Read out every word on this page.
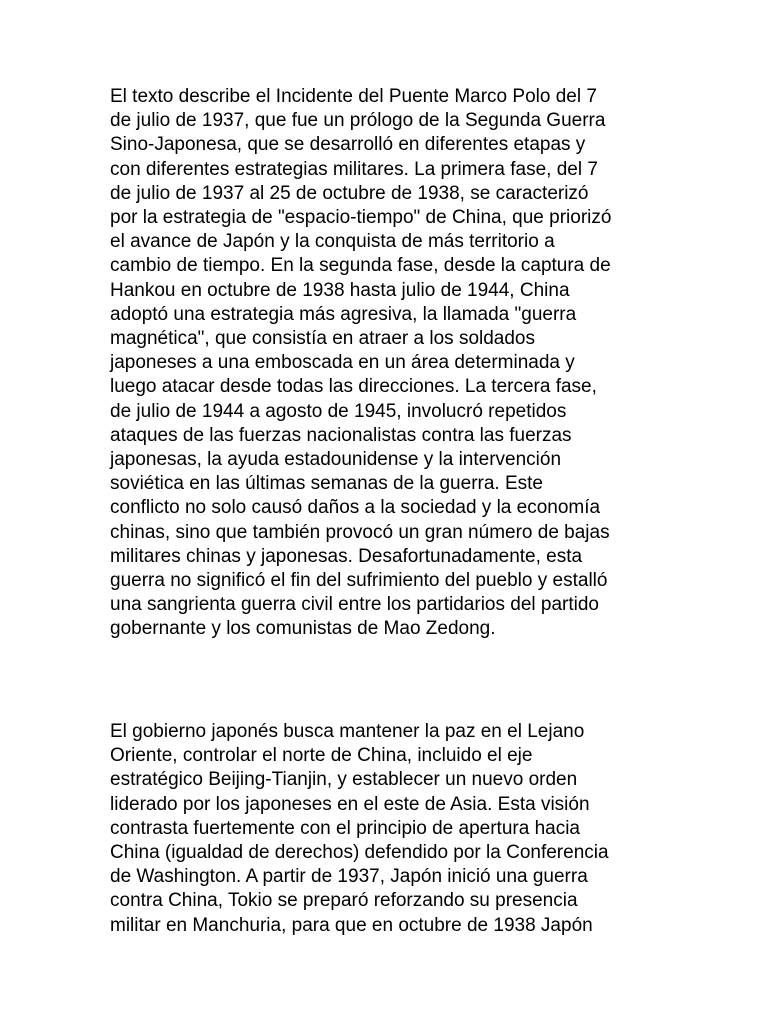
El texto describe el Incidente del Puente Marco Polo del 7
de julio de 1937, que fue un prólogo de la Segunda Guerra
Sino-Japonesa, que se desarrolló en diferentes etapas y
con diferentes estrategias militares. La primera fase, del 7
de julio de 1937 al 25 de octubre de 1938, se caracterizó
por la estrategia de "espacio-tiempo" de China, que priorizó
el avance de Japón y la conquista de más territorio a
cambio de tiempo. En la segunda fase, desde la captura de
Hankou en octubre de 1938 hasta julio de 1944, China
adoptó una estrategia más agresiva, la llamada "guerra
magnética", que consistía en atraer a los soldados
japoneses a una emboscada en un área determinada y
luego atacar desde todas las direcciones. La tercera fase,
de julio de 1944 a agosto de 1945, involucró repetidos
ataques de las fuerzas nacionalistas contra las fuerzas
japonesas, la ayuda estadounidense y la intervención
soviética en las últimas semanas de la guerra. Este
conflicto no solo causó daños a la sociedad y la economía
chinas, sino que también provocó un gran número de bajas
militares chinas y japonesas. Desafortunadamente, esta
guerra no significó el fin del sufrimiento del pueblo y estalló
una sangrienta guerra civil entre los partidarios del partido
gobernante y los comunistas de Mao Zedong.

El gobierno japonés busca mantener la paz en el Lejano
Oriente, controlar el norte de China, incluido el eje
estratégico Beijing-Tianjin, y establecer un nuevo orden
liderado por los japoneses en el este de Asia. Esta visión
contrasta fuertemente con el principio de apertura hacia
China (igualdad de derechos) defendido por la Conferencia
de Washington. A partir de 1937, Japón inició una guerra
contra China, Tokio se preparó reforzando su presencia
militar en Manchuria, para que en octubre de 1938 Japón
